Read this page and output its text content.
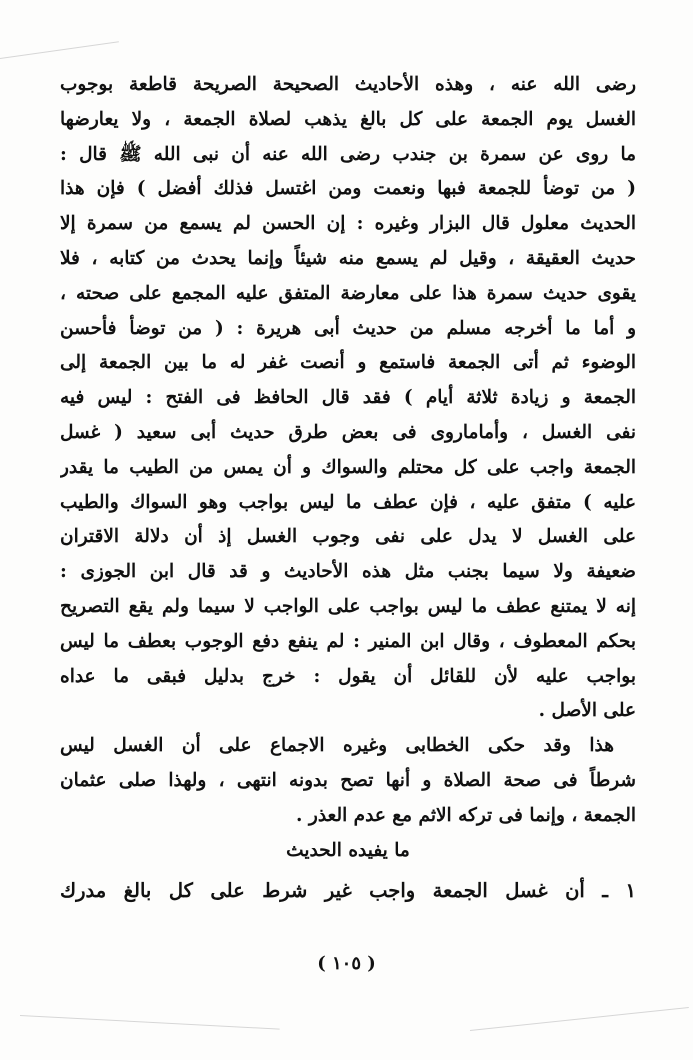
رضى الله عنه ، وهذه الأحاديث الصحيحة الصريحة قاطعة بوجوب
الغسل يوم الجمعة على كل بالغ يذهب لصلاة الجمعة ، ولا يعارضها
ما روى عن سمرة بن جندب رضى الله عنه أن نبى الله ﷺ قال :
( من توضأ للجمعة فبها ونعمت ومن اغتسل فذلك أفضل ) فإن هذا
الحديث معلول قال البزار وغيره : إن الحسن لم يسمع من سمرة إلا
حديث العقيقة ، وقيل لم يسمع منه شيئاً وإنما يحدث من كتابه ، فلا
يقوى حديث سمرة هذا على معارضة المتفق عليه المجمع على صحته ،
و أما ما أخرجه مسلم من حديث أبى هريرة : ( من توضأ فأحسن
الوضوء ثم أتى الجمعة فاستمع و أنصت غفر له ما بين الجمعة إلى
الجمعة و زيادة ثلاثة أيام ) فقد قال الحافظ فى الفتح : ليس فيه
نفى الغسل ، وأماماروى فى بعض طرق حديث أبى سعيد ( غسل
الجمعة واجب على كل محتلم والسواك و أن يمس من الطيب ما يقدر
عليه ) متفق عليه ، فإن عطف ما ليس بواجب وهو السواك والطيب
على الغسل لا يدل على نفى وجوب الغسل إذ أن دلالة الاقتران
ضعيفة ولا سيما بجنب مثل هذه الأحاديث و قد قال ابن الجوزى :
إنه لا يمتنع عطف ما ليس بواجب على الواجب لا سيما ولم يقع التصريح
بحكم المعطوف ، وقال ابن المنير : لم ينفع دفع الوجوب بعطف ما ليس
بواجب عليه لأن للقائل أن يقول : خرج بدليل فبقى ما عداه
على الأصل .
هذا وقد حكى الخطابى وغيره الاجماع على أن الغسل ليس
شرطاً فى صحة الصلاة و أنها تصح بدونه انتهى ، ولهذا صلى عثمان
الجمعة ، وإنما فى تركه الاثم مع عدم العذر .
ما يفيده الحديث
١ ـ أن غسل الجمعة واجب غير شرط على كل بالغ مدرك
( ١٠٥ )
